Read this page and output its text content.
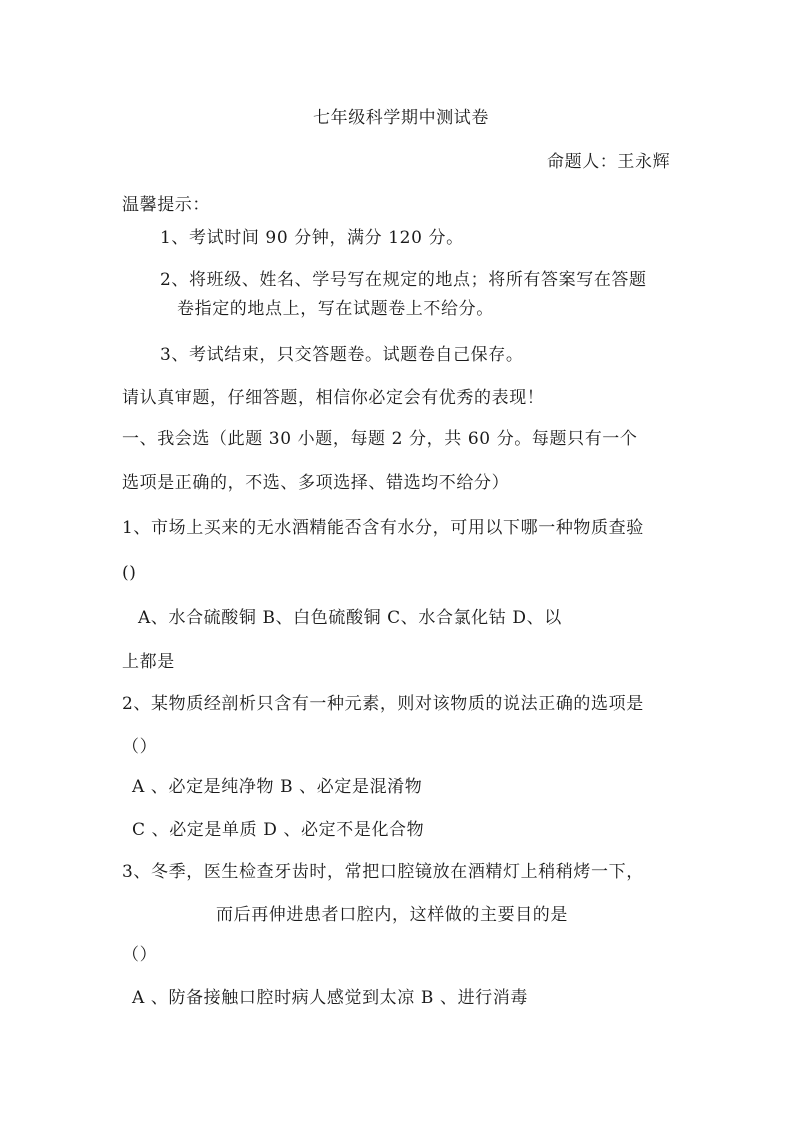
七年级科学期中测试卷
命题人：王永辉
温馨提示：
1、考试时间 90 分钟，满分 120 分。
2、将班级、姓名、学号写在规定的地点；将所有答案写在答题
卷指定的地点上，写在试题卷上不给分。
3、考试结束，只交答题卷。试题卷自己保存。
请认真审题，仔细答题，相信你必定会有优秀的表现！
一、我会选（此题 30 小题，每题 2 分，共 60 分。每题只有一个
选项是正确的，不选、多项选择、错选均不给分）
1、市场上买来的无水酒精能否含有水分，可用以下哪一种物质查验
()
A、水合硫酸铜 B、白色硫酸铜 C、水合氯化钴 D、以
上都是
2、某物质经剖析只含有一种元素，则对该物质的说法正确的选项是
（）
A 、必定是纯净物 B 、必定是混淆物
C 、必定是单质 D 、必定不是化合物
3、冬季，医生检查牙齿时，常把口腔镜放在酒精灯上稍稍烤一下，
而后再伸进患者口腔内，这样做的主要目的是
（）
A 、防备接触口腔时病人感觉到太凉 B 、进行消毒
